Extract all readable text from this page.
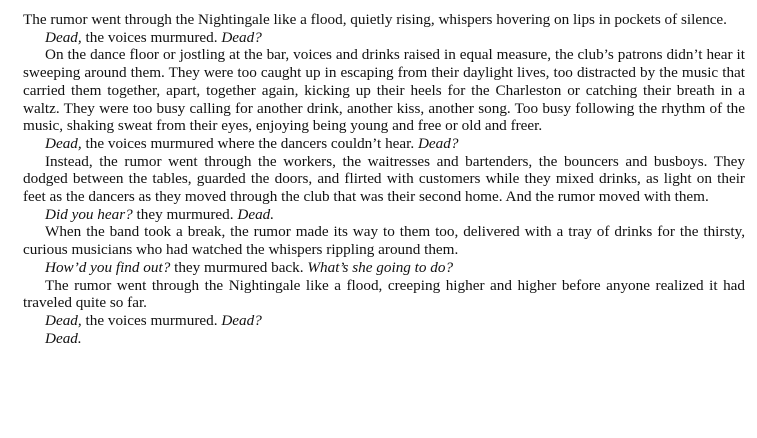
The rumor went through the Nightingale like a flood, quietly rising, whispers hovering on lips in pockets of silence.

Dead, the voices murmured. Dead?

On the dance floor or jostling at the bar, voices and drinks raised in equal measure, the club’s patrons didn’t hear it sweeping around them. They were too caught up in escaping from their daylight lives, too distracted by the music that carried them together, apart, together again, kicking up their heels for the Charleston or catching their breath in a waltz. They were too busy calling for another drink, another kiss, another song. Too busy following the rhythm of the music, shaking sweat from their eyes, enjoying being young and free or old and freer.

Dead, the voices murmured where the dancers couldn’t hear. Dead?

Instead, the rumor went through the workers, the waitresses and bartenders, the bouncers and busboys. They dodged between the tables, guarded the doors, and flirted with customers while they mixed drinks, as light on their feet as the dancers as they moved through the club that was their second home. And the rumor moved with them.

Did you hear? they murmured. Dead.

When the band took a break, the rumor made its way to them too, delivered with a tray of drinks for the thirsty, curious musicians who had watched the whispers rippling around them.

How’d you find out? they murmured back. What’s she going to do?

The rumor went through the Nightingale like a flood, creeping higher and higher before anyone realized it had traveled quite so far.

Dead, the voices murmured. Dead?

Dead.
